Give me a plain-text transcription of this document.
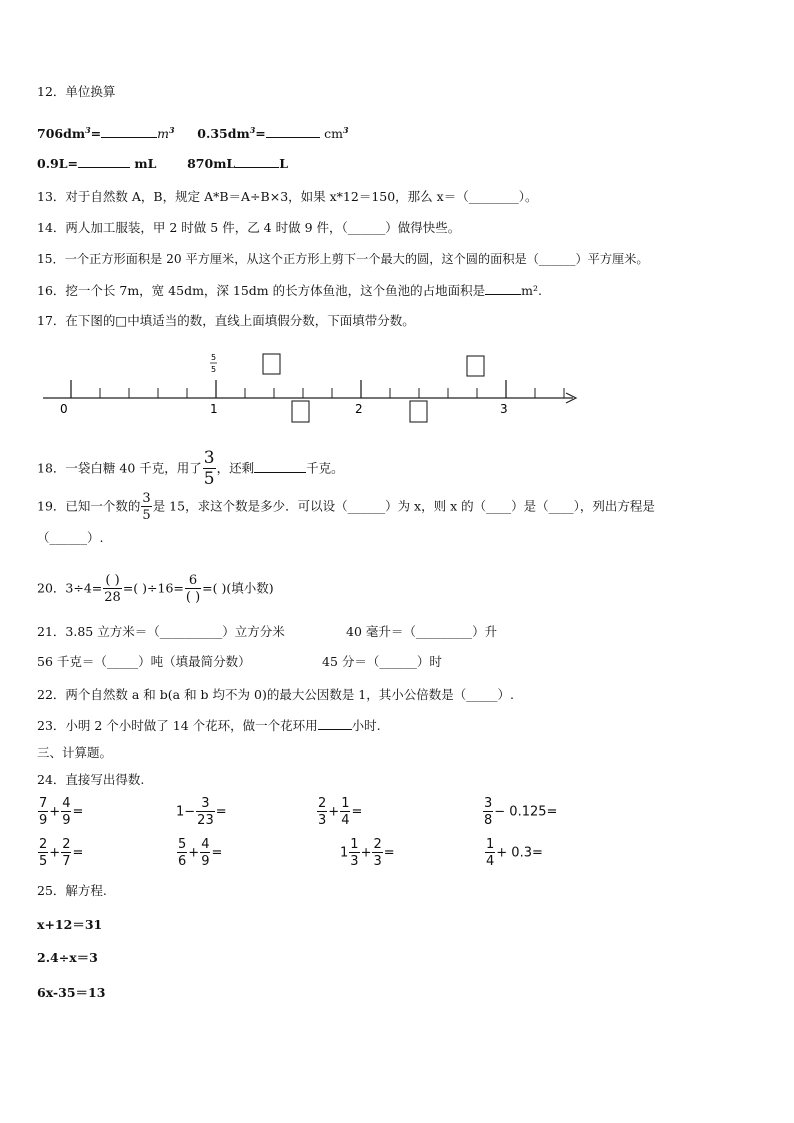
12．单位换算
$706dm^3=$	$m^3$ $0.35dm^3=$	$cm^3$
0.9L=	mL 870mL	L
13．对于自然数 A，B，规定 A*B＝A÷B×3，如果 x*12＝150，那么 x＝（________）。
14．两人加工服装，甲 2 时做 5 件，乙 4 时做 9 件，（______）做得快些。
15．一个正方形面积是 20 平方厘米，从这个正方形上剪下一个最大的圆，这个圆的面积是（______）平方厘米。
16．挖一个长 7m，宽 45dm，深 15dm 的长方体鱼池，这个鱼池的占地面积是	m².
17．在下图的□中填适当的数，直线上面填假分数，下面填带分数。
0	1	2	3
5
5
18．一袋白糖 40 千克，用了 $\frac{3}{5}$ ，还剩	千克。
19．已知一个数的 $\frac{3}{5}$ 是 15，求这个数是多少．可以设（______）为 x，则 x 的（____）是（____），列出方程是
（______）.
20．$3\div 4= \frac{( )}{28}$ =( )$\div 16= \frac{6}{( )}$ =( )(填小数)
21．3.85 立方米＝（__________）立方分米	40 毫升＝（_________）升
56 千克＝（_____）吨（填最简分数）	45 分＝（______）时
22．两个自然数 a 和 b(a 和 b 均不为 0)的最大公因数是 1，其小公倍数是（_____）.
23．小明 2 个小时做了 14 个花环，做一个花环用	小时.
三、计算题。
24．直接写出得数.
$\frac{7}{9} + \frac{4}{9}$ =	$1- \frac{3}{23}$ =	$\frac{2}{3} + \frac{1}{4}$ =	$\frac{3}{8} - 0.125=$
$\frac{2}{5} + \frac{2}{7}$ =	$\frac{5}{6} + \frac{4}{9}$ =	$1 \frac{1}{3} + \frac{2}{3}$ =	$\frac{1}{4} + 0.3=$
25．解方程.
x+12＝31
2.4÷x＝3
6x-35＝13
